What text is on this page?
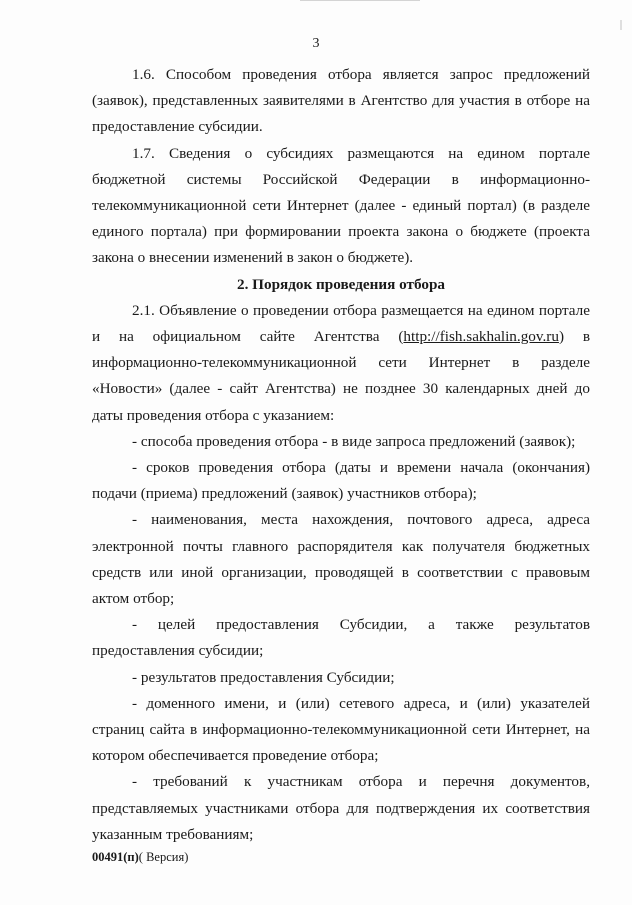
3

1.6. Способом проведения отбора является запрос предложений (заявок), представленных заявителями в Агентство для участия в отборе на предоставление субсидии.

1.7. Сведения о субсидиях размещаются на едином портале бюджетной системы Российской Федерации в информационно-телекоммуникационной сети Интернет (далее - единый портал) (в разделе единого портала) при формировании проекта закона о бюджете (проекта закона о внесении изменений в закон о бюджете).

2. Порядок проведения отбора

2.1. Объявление о проведении отбора размещается на едином портале и на официальном сайте Агентства (http://fish.sakhalin.gov.ru) в информационно-телекоммуникационной сети Интернет в разделе «Новости» (далее - сайт Агентства) не позднее 30 календарных дней до даты проведения отбора с указанием:

- способа проведения отбора - в виде запроса предложений (заявок);

- сроков проведения отбора (даты и времени начала (окончания) подачи (приема) предложений (заявок) участников отбора);

- наименования, места нахождения, почтового адреса, адреса электронной почты главного распорядителя как получателя бюджетных средств или иной организации, проводящей в соответствии с правовым актом отбор;

- целей предоставления Субсидии, а также результатов предоставления субсидии;

- результатов предоставления Субсидии;

- доменного имени, и (или) сетевого адреса, и (или) указателей страниц сайта в информационно-телекоммуникационной сети Интернет, на котором обеспечивается проведение отбора;

- требований к участникам отбора и перечня документов, представляемых участниками отбора для подтверждения их соответствия указанным требованиям;

00491(п)( Версия)
